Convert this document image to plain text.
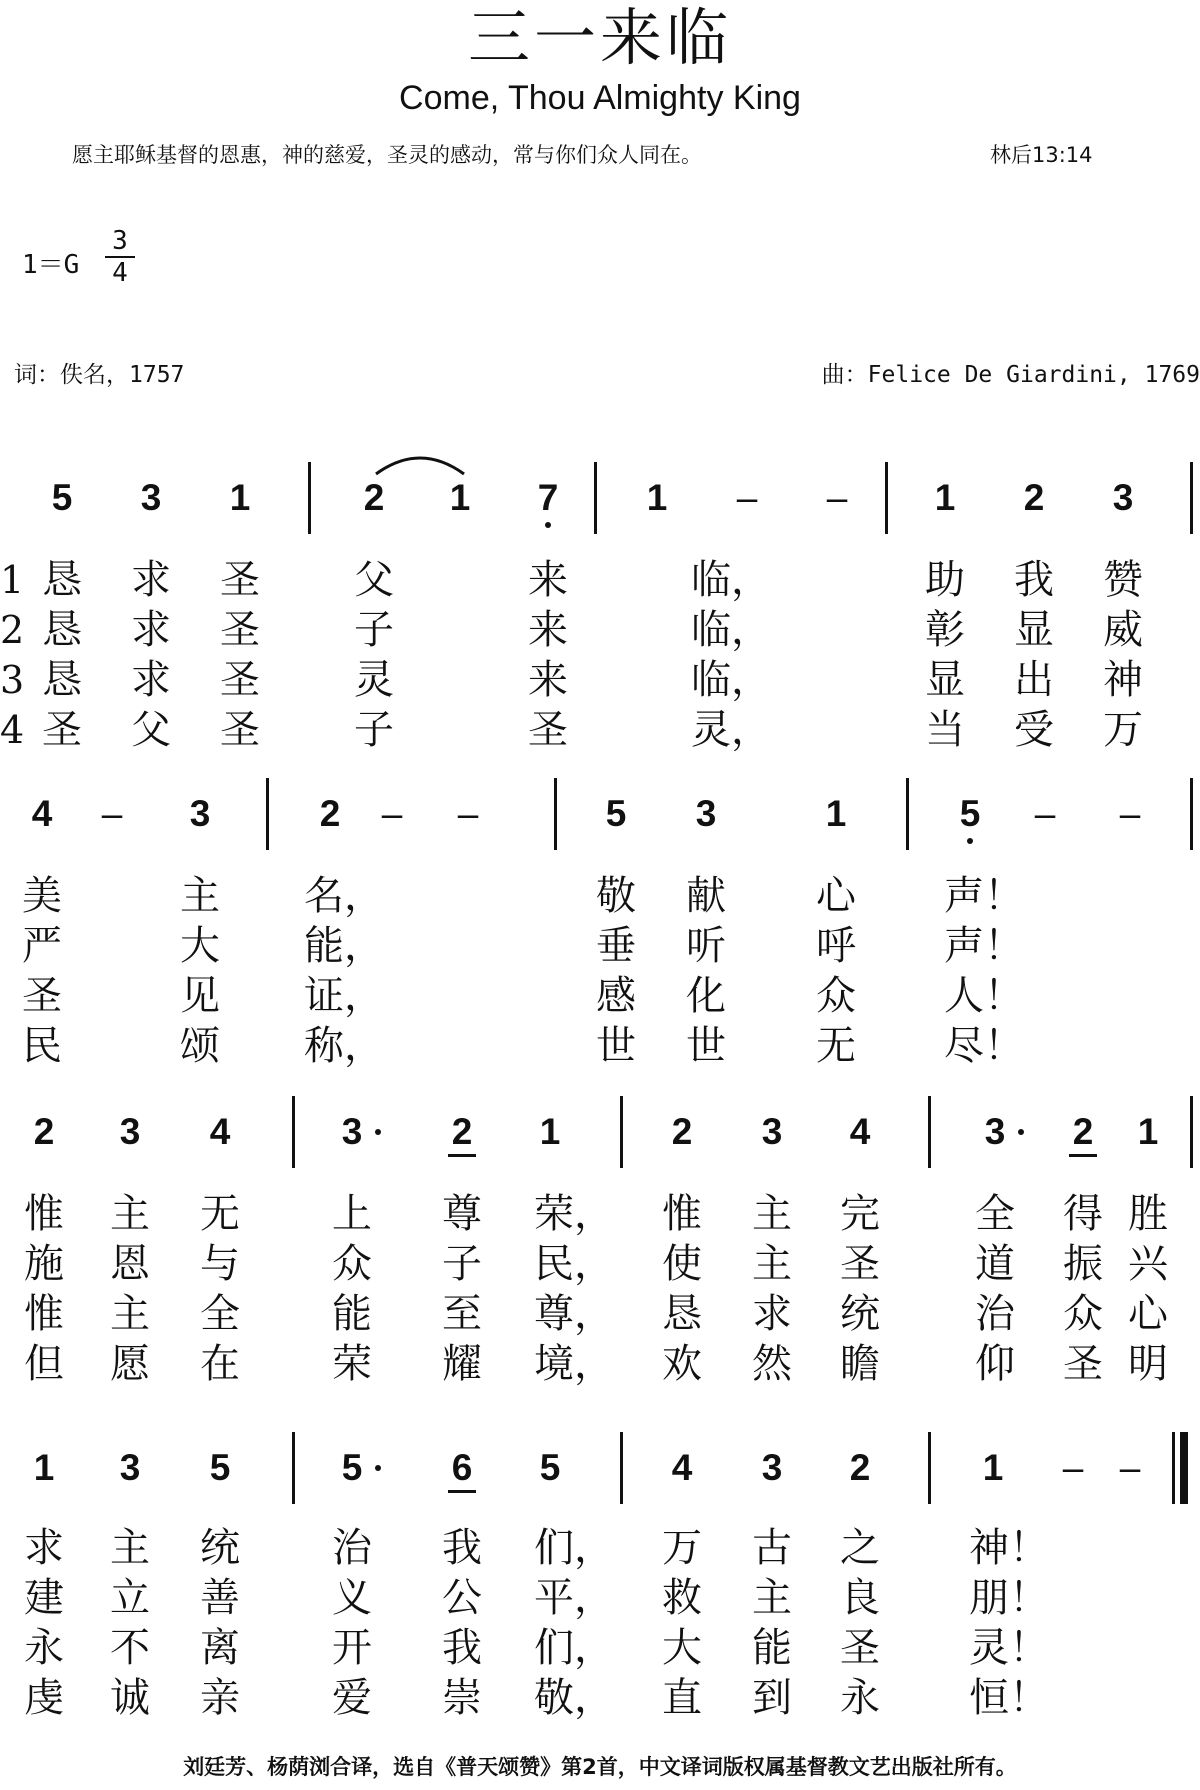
三一来临
Come, Thou Almighty King
愿主耶稣基督的恩惠，神的慈爱，圣灵的感动，常与你们众人同在。	林后13:14
1＝G
3
4
词：佚名，1757	曲：Felice De Giardini, 1769
5	3	1	2	1	7	1	–	–	1	2	3
1
2
3
4
恳 求 圣 父	来	临，	助 我 赞
恳 求 圣 子	来	临，	彰 显 威
恳 求 圣 灵	来	临，	显 出 神
圣 父 圣 子	圣	灵，	当 受 万
4	–	3	2	–	–	5	3	1	5	–	–
美	主 名，	敬 献 心 声！
严	大 能，	垂 听 呼 声！
圣	见 证，	感 化 众 人！
民	颂 称，	世 世 无 尽！
2	3	4	3	2	1	2	3	4	3	2	1
惟 主 无 上 尊 荣， 惟 主 完 全 得 胜
施 恩 与 众 子 民， 使 主 圣 道 振 兴
惟 主 全 能 至 尊， 恳 求 统 治 众 心
但 愿 在 荣 耀 境， 欢 然 瞻 仰 圣 明
1	3	5	5	6	5	4	3	2	1	– –
求 主 统 治 我 们， 万 古 之 神！
建 立 善 义 公 平， 救 主 良 朋！
永 不 离 开 我 们， 大 能 圣 灵！
虔 诚 亲 爱 崇 敬， 直 到 永 恒！
刘廷芳、杨荫浏合译，选自《普天颂赞》第2首，中文译词版权属基督教文艺出版社所有。
